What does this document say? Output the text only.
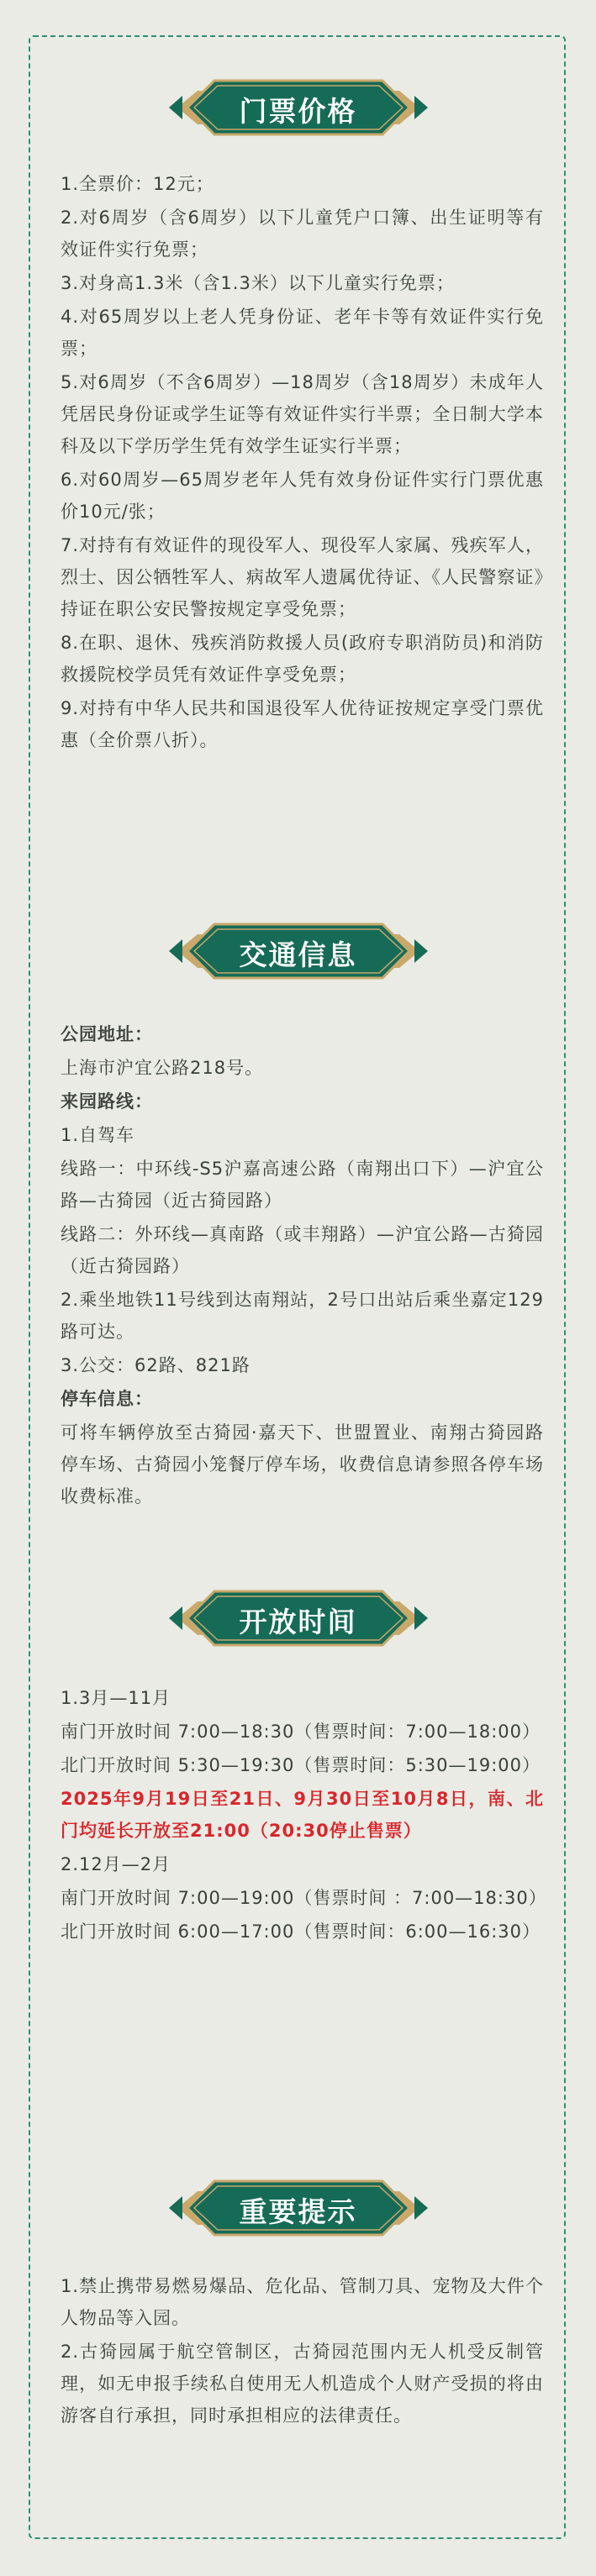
门票价格

1.全票价：12元；

2.对6周岁（含6周岁）以下儿童凭户口簿、出生证明等有效证件实行免票；

3.对身高1.3米（含1.3米）以下儿童实行免票；

4.对65周岁以上老人凭身份证、老年卡等有效证件实行免票；

5.对6周岁（不含6周岁）—18周岁（含18周岁）未成年人凭居民身份证或学生证等有效证件实行半票；全日制大学本科及以下学历学生凭有效学生证实行半票；

6.对60周岁—65周岁老年人凭有效身份证件实行门票优惠价10元/张；

7.对持有有效证件的现役军人、现役军人家属、残疾军人，烈士、因公牺牲军人、病故军人遗属优待证、《人民警察证》持证在职公安民警按规定享受免票；

8.在职、退休、残疾消防救援人员(政府专职消防员)和消防救援院校学员凭有效证件享受免票；

9.对持有中华人民共和国退役军人优待证按规定享受门票优惠（全价票八折）。

交通信息

公园地址：

上海市沪宜公路218号。

来园路线：

1.自驾车

线路一：中环线-S5沪嘉高速公路（南翔出口下）—沪宜公路—古猗园（近古猗园路）

线路二：外环线—真南路（或丰翔路）—沪宜公路—古猗园（近古猗园路）

2.乘坐地铁11号线到达南翔站，2号口出站后乘坐嘉定129路可达。

3.公交：62路、821路

停车信息：

可将车辆停放至古猗园·嘉天下、世盟置业、南翔古猗园路停车场、古猗园小笼餐厅停车场，收费信息请参照各停车场收费标准。

开放时间

1.3月—11月

南门开放时间 7:00—18:30（售票时间：7:00—18:00）

北门开放时间 5:30—19:30（售票时间：5:30—19:00）

2025年9月19日至21日、9月30日至10月8日，南、北门均延长开放至21:00（20:30停止售票）

2.12月—2月

南门开放时间 7:00—19:00（售票时间 ：7:00—18:30）

北门开放时间 6:00—17:00（售票时间：6:00—16:30）

重要提示

1.禁止携带易燃易爆品、危化品、管制刀具、宠物及大件个人物品等入园。

2.古猗园属于航空管制区，古猗园范围内无人机受反制管理，如无申报手续私自使用无人机造成个人财产受损的将由游客自行承担，同时承担相应的法律责任。
